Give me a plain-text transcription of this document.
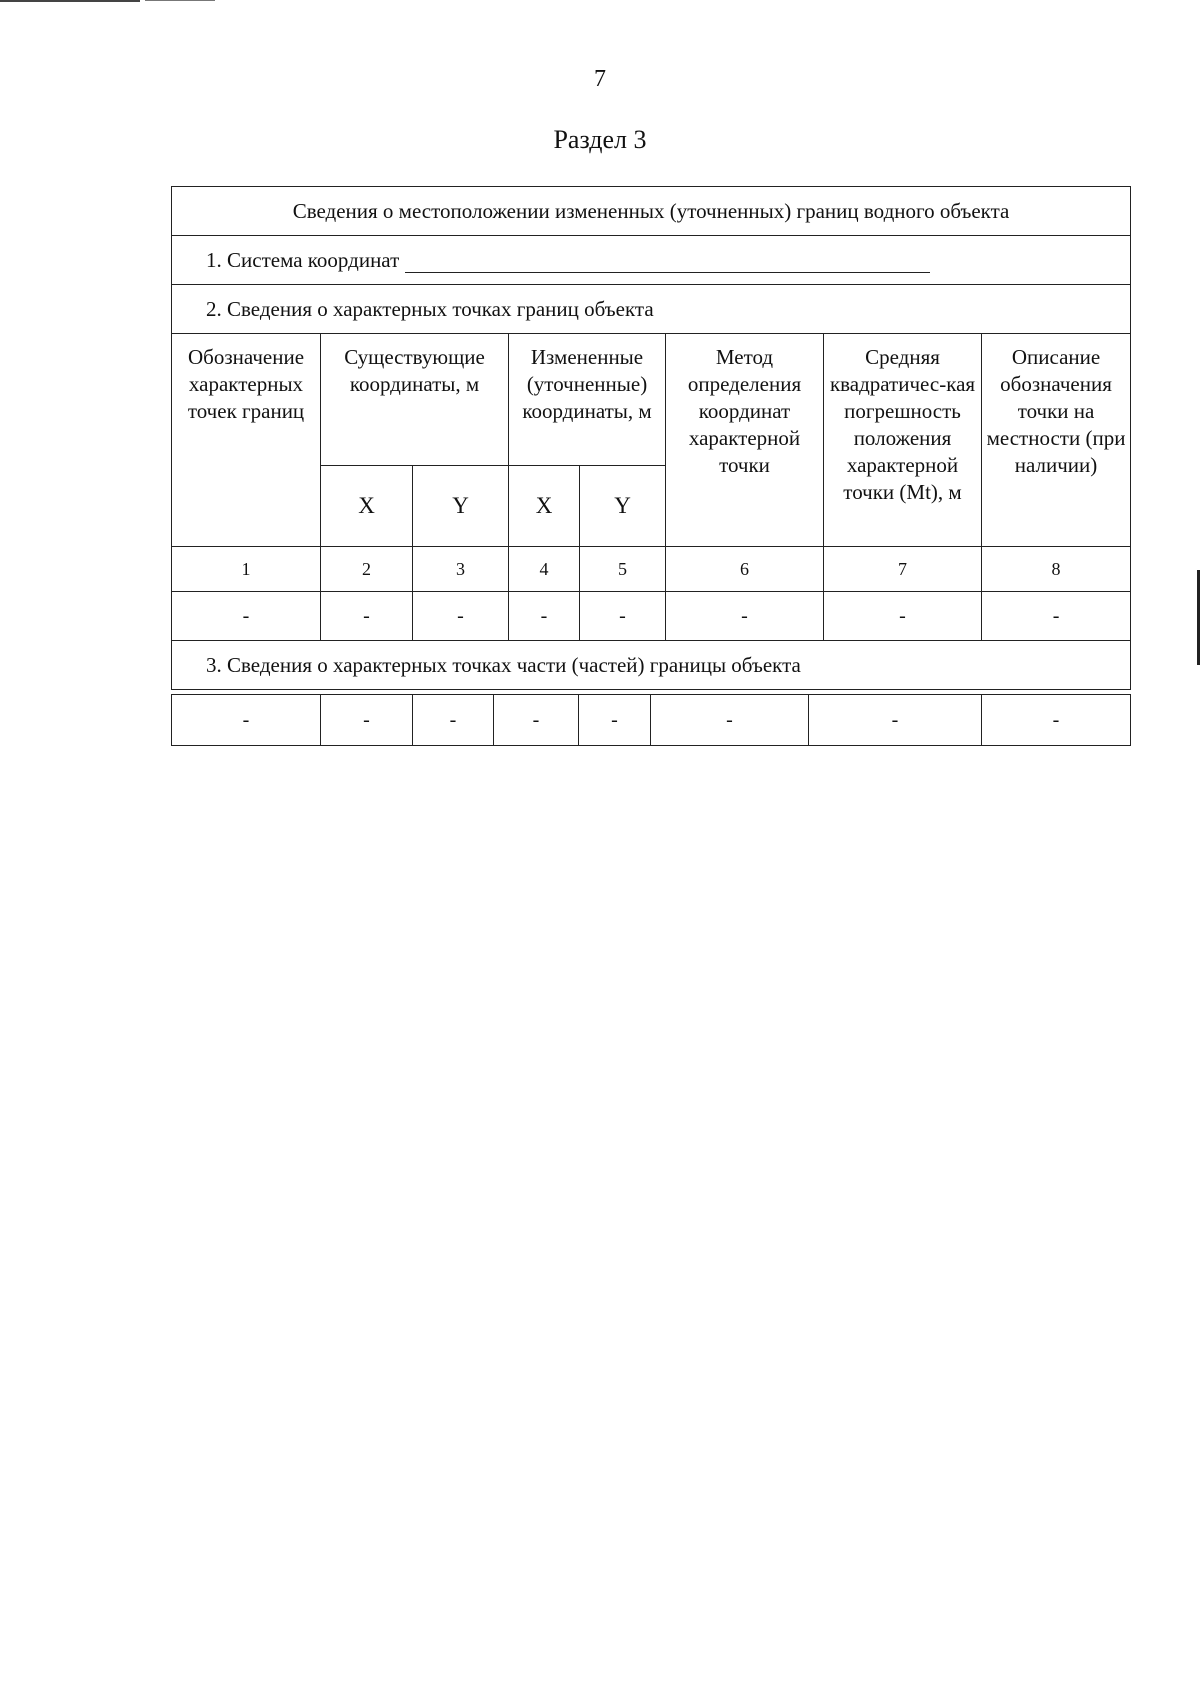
7
Раздел 3
Сведения о местоположении измененных (уточненных) границ водного объекта							
1. Система координат							
2. Сведения о характерных точках границ объекта							
Обозначение характерных точек границ	Существующие координаты, м		Измененные (уточненные) координаты, м		Метод определения координат характерной точки	Средняя квадратичес-кая погрешность положения характерной точки (Mt), м	Описание обозначения точки на местности (при наличии)
	X	Y	X	Y			
1	2	3	4	5	6	7	8
-	-	-	-	-	-	-	-
3. Сведения о характерных точках части (частей) границы объекта							
-	-	-	-	-	-	-	-
